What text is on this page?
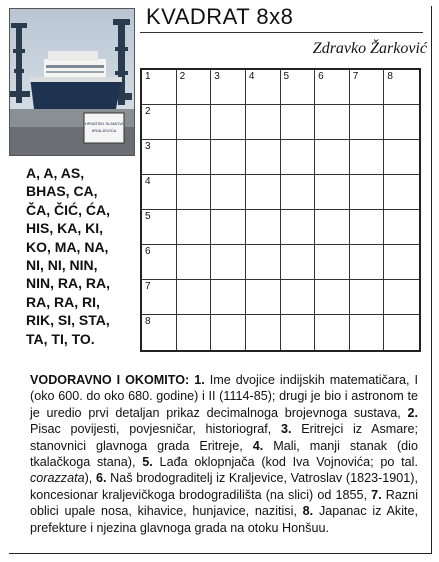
HRVATSKI SLAMOVI
KRALJEVICA
KVADRAT 8x8
Zdravko Žarković
1	2	3	4	5	6	7	8
2
3
4
5
6
7
8
A, A, AS,
BHAS, CA,
ČA, ČIĆ, ĆA,
HIS, KA, KI,
KO, MA, NA,
NI, NI, NIN,
NIN, RA, RA,
RA, RA, RI,
RIK, SI, STA,
TA, TI, TO.
VODORAVNO I OKOMITO: 1. Ime dvojice indijskih matematičara, I (oko 600. do oko 680. godine) i II (1114-85); drugi je bio i astronom te je uredio prvi detaljan prikaz decimalnoga brojevnoga sustava, 2. Pisac povijesti, povjesničar, historiograf, 3. Eritrejci iz Asmare; stanovnici glavnoga grada Eritreje, 4. Mali, manji stanak (dio tkalačkoga stana), 5. Lađa oklopnjača (kod Iva Vojnovića; po tal. corazzata), 6. Naš brodograditelj iz Kraljevice, Vatroslav (1823-1901), koncesionar kraljevičkoga brodogradilišta (na slici) od 1855, 7. Razni oblici upale nosa, kihavice, hunjavice, nazitisi, 8. Japanac iz Akite, prefekture i njezina glavnoga grada na otoku Honšuu.
